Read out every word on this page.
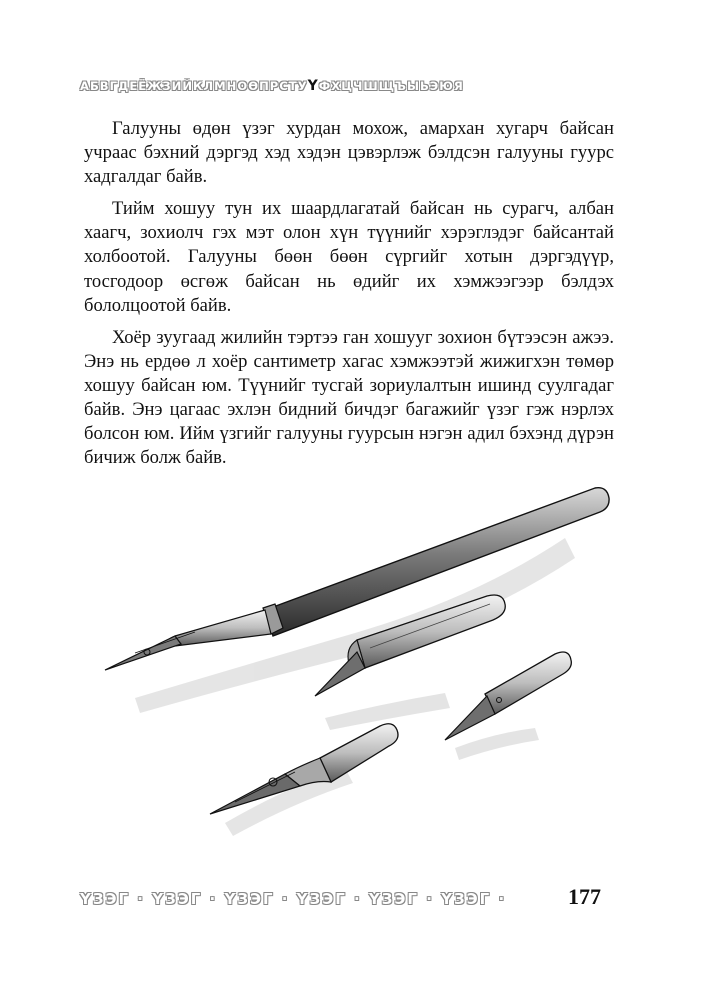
АБВГДЕЁЖЗИЙКЛМНОӨПРСТУҮФХЦЧШЩЪЫЬЭЮЯ

Галууны өдөн үзэг хурдан мохож, амархан хугарч байсан учраас бэхний дэргэд хэд хэдэн цэвэрлэж бэлдсэн галууны гуурс хадгалдаг байв.

Тийм хошуу тун их шаардлагатай байсан нь сурагч, албан хаагч, зохиолч гэх мэт олон хүн түүнийг хэрэглэдэг байсантай холбоотой. Галууны бөөн бөөн сүргийг хотын дэргэдүүр, тосгодоор өсгөж байсан нь өдийг их хэмжээгээр бэлдэх бололцоотой байв.

Хоёр зуугаад жилийн тэртээ ган хошууг зохион бүтээсэн ажээ. Энэ нь ердөө л хоёр сантиметр хагас хэмжээтэй жижигхэн төмөр хошуу байсан юм. Түүнийг тусгай зориулалтын ишинд суулгадаг байв. Энэ цагаас эхлэн бидний бичдэг багажийг үзэг гэж нэрлэх болсон юм. Ийм үзгийг галууны гуурсын нэгэн адил бэхэнд дүрэн бичиж болж байв.

ҮЗЭГ · ҮЗЭГ · ҮЗЭГ · ҮЗЭГ · ҮЗЭГ · ҮЗЭГ ·	177
